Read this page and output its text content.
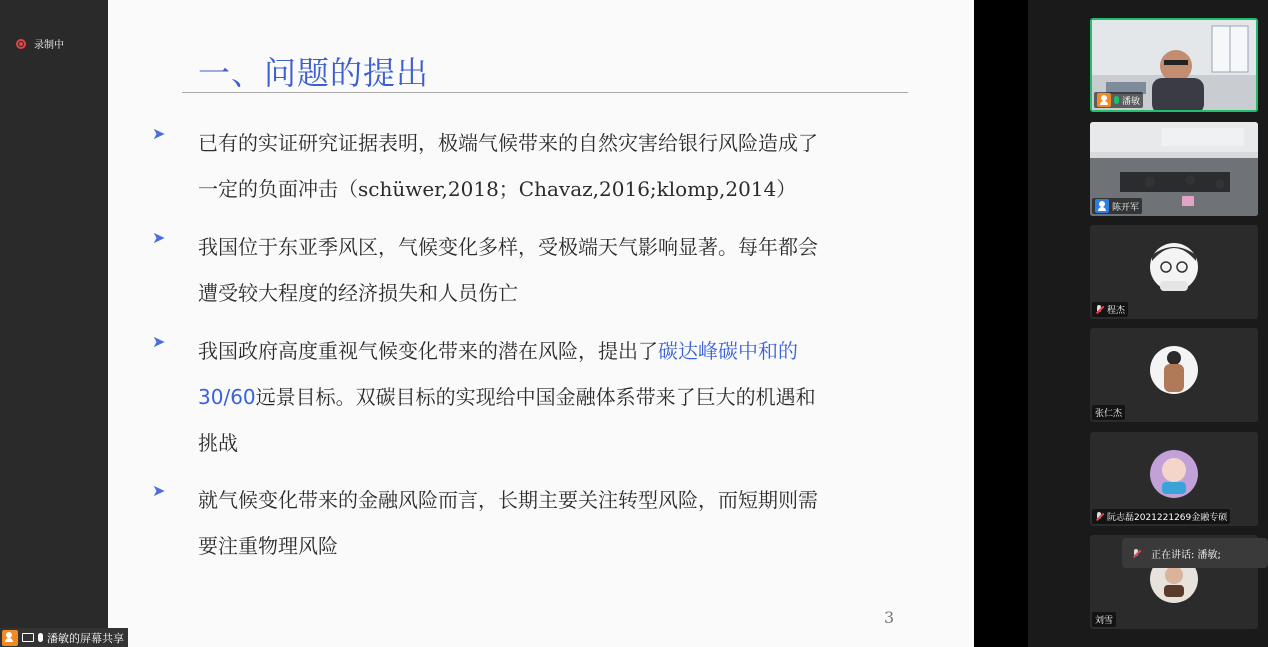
录制中
一、问题的提出
➤ 已有的实证研究证据表明，极端气候带来的自然灾害给银行风险造成了
一定的负面冲击（schüwer,2018；Chavaz,2016;klomp,2014）
➤ 我国位于东亚季风区，气候变化多样，受极端天气影响显著。每年都会
遭受较大程度的经济损失和人员伤亡
➤ 我国政府高度重视气候变化带来的潜在风险，提出了碳达峰碳中和的
30/60远景目标。双碳目标的实现给中国金融体系带来了巨大的机遇和
挑战
➤ 就气候变化带来的金融风险而言，长期主要关注转型风险，而短期则需
要注重物理风险
3
潘敏
陈开军
程杰
张仁杰
阮志磊2021221269金融专硕
刘雪
正在讲话: 潘敏;
潘敏的屏幕共享
